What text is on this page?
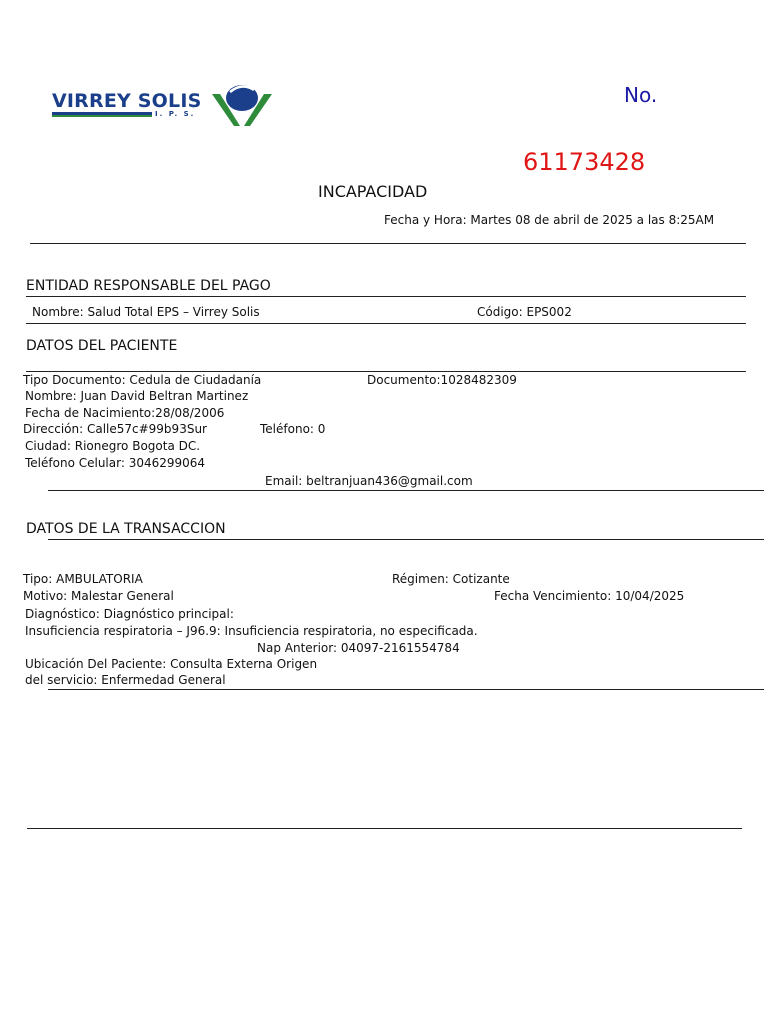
VIRREY SOLIS
I. P. S.
No.
61173428
INCAPACIDAD
Fecha y Hora: Martes 08 de abril de 2025 a las 8:25AM
ENTIDAD RESPONSABLE DEL PAGO
Nombre: Salud Total EPS – Virrey Solis	Código: EPS002
DATOS DEL PACIENTE
Tipo Documento: Cedula de Ciudadanía	Documento:1028482309
Nombre: Juan David Beltran Martinez
Fecha de Nacimiento:28/08/2006
Dirección: Calle57c#99b93Sur	Teléfono: 0
Ciudad: Rionegro Bogota DC.
Teléfono Celular: 3046299064
Email: beltranjuan436@gmail.com
DATOS DE LA TRANSACCION
Tipo: AMBULATORIA	Régimen: Cotizante
Motivo: Malestar General	Fecha Vencimiento: 10/04/2025
Diagnóstico: Diagnóstico principal:
Insuficiencia respiratoria – J96.9: Insuficiencia respiratoria, no especificada.
Nap Anterior: 04097-2161554784
Ubicación Del Paciente: Consulta Externa Origen
del servicio: Enfermedad General
